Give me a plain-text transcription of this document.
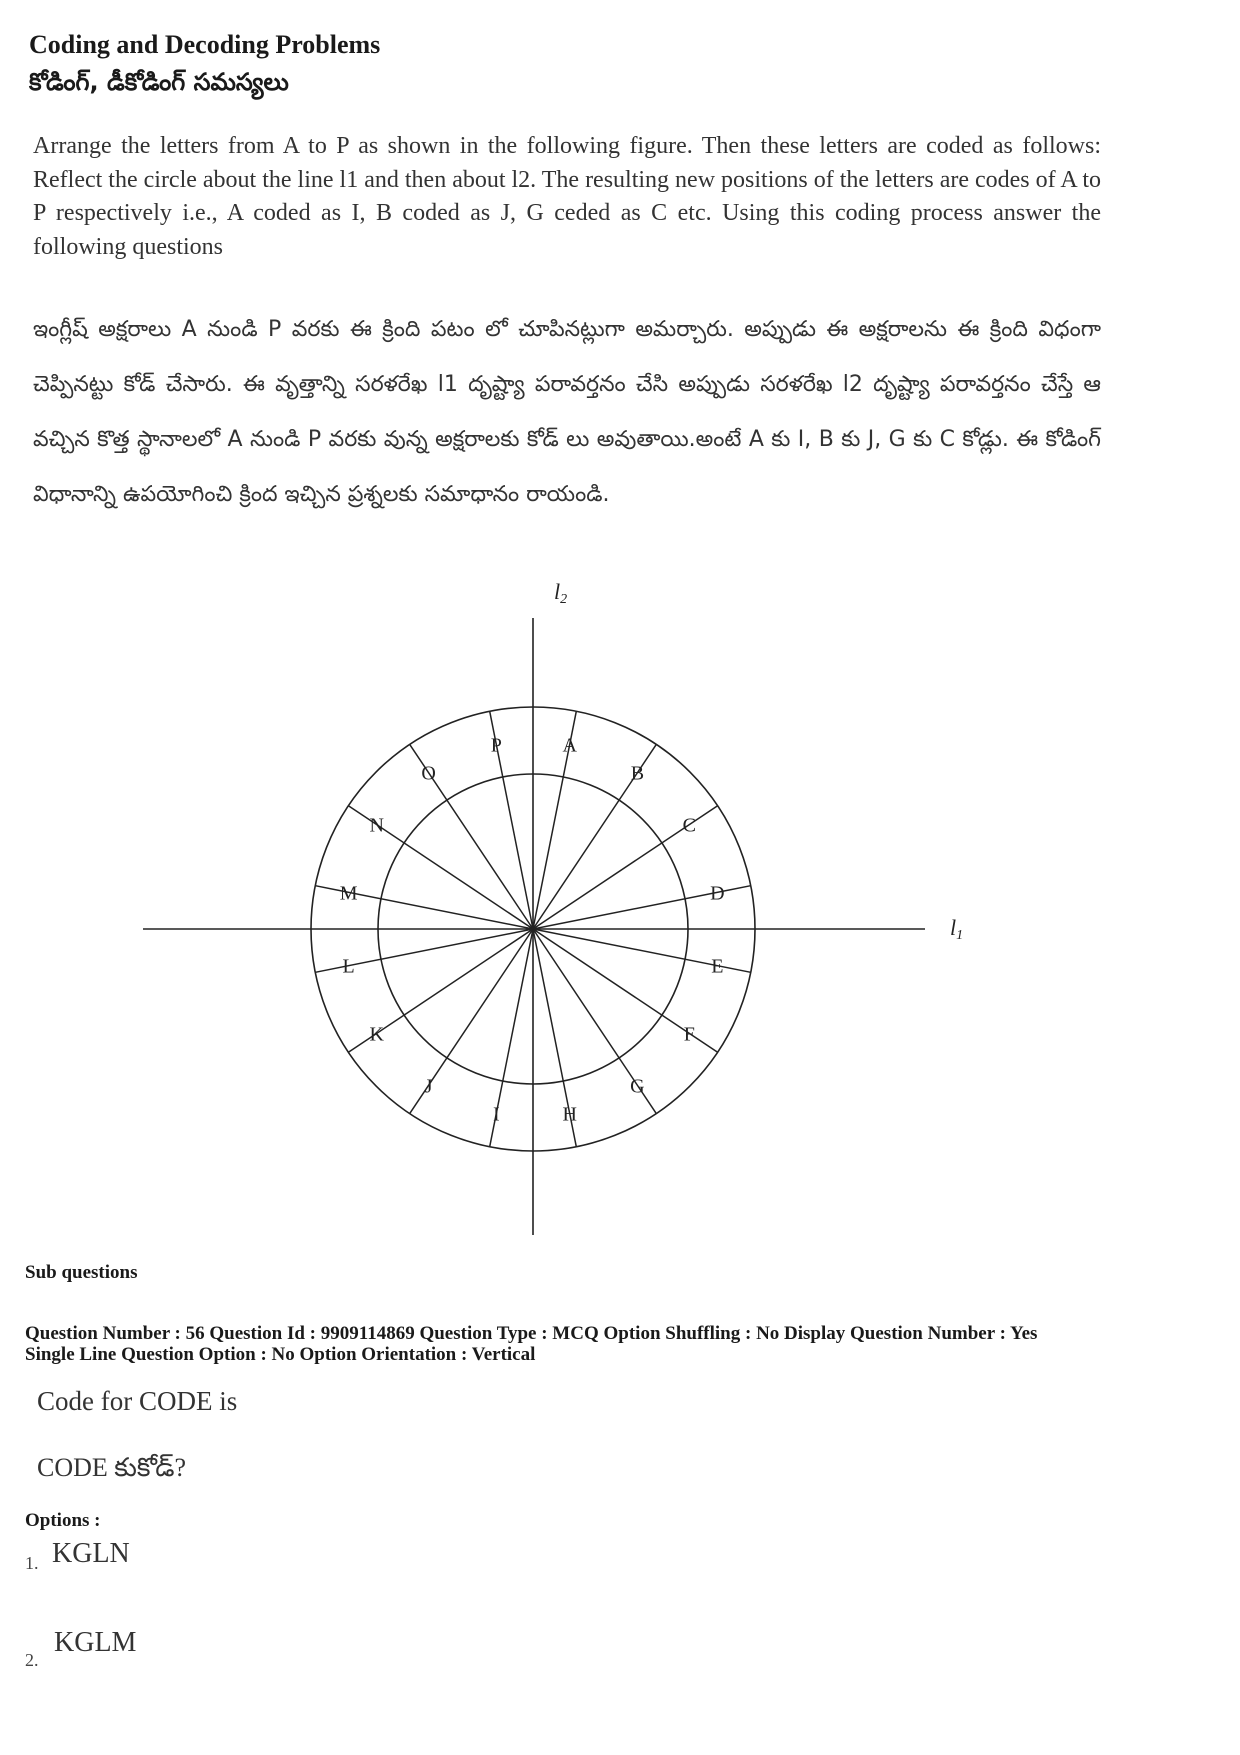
Coding and Decoding Problems
కోడింగ్, డీకోడింగ్ సమస్యలు

Arrange the letters from A to P as shown in the following figure. Then these letters are coded as follows: Reflect the circle about the line l1 and then about l2. The resulting new positions of the letters are codes of A to P respectively i.e., A coded as I, B coded as J, G ceded as C etc. Using this coding process answer the following questions

ఇంగ్లీష్ అక్షరాలు A నుండి P వరకు ఈ క్రింది పటం లో చూపినట్లుగా అమర్చారు. అప్పుడు ఈ అక్షరాలను ఈ క్రింది విధంగా చెప్పినట్టు కోడ్ చేసారు. ఈ వృత్తాన్ని సరళరేఖ l1 దృష్ట్యా పరావర్తనం చేసి అప్పుడు సరళరేఖ l2 దృష్ట్యా పరావర్తనం చేస్తే ఆ వచ్చిన కొత్త స్థానాలలో A నుండి P వరకు వున్న అక్షరాలకు కోడ్ లు అవుతాయి.అంటే A కు I, B కు J, G కు C కోడ్లు. ఈ కోడింగ్ విధానాన్ని ఉపయోగించి క్రింద ఇచ్చిన ప్రశ్నలకు సమాధానం రాయండి.

l1
l2
A
B
C
D
E
F
G
H
I
J
K
L
M
N
O
P
Sub questions
Question Number : 56 Question Id : 9909114869 Question Type : MCQ Option Shuffling : No Display Question Number : Yes
Single Line Question Option : No Option Orientation : Vertical
Code for CODE is
CODE కుకోడ్?
Options :
1. KGLN
2.
KGLM
